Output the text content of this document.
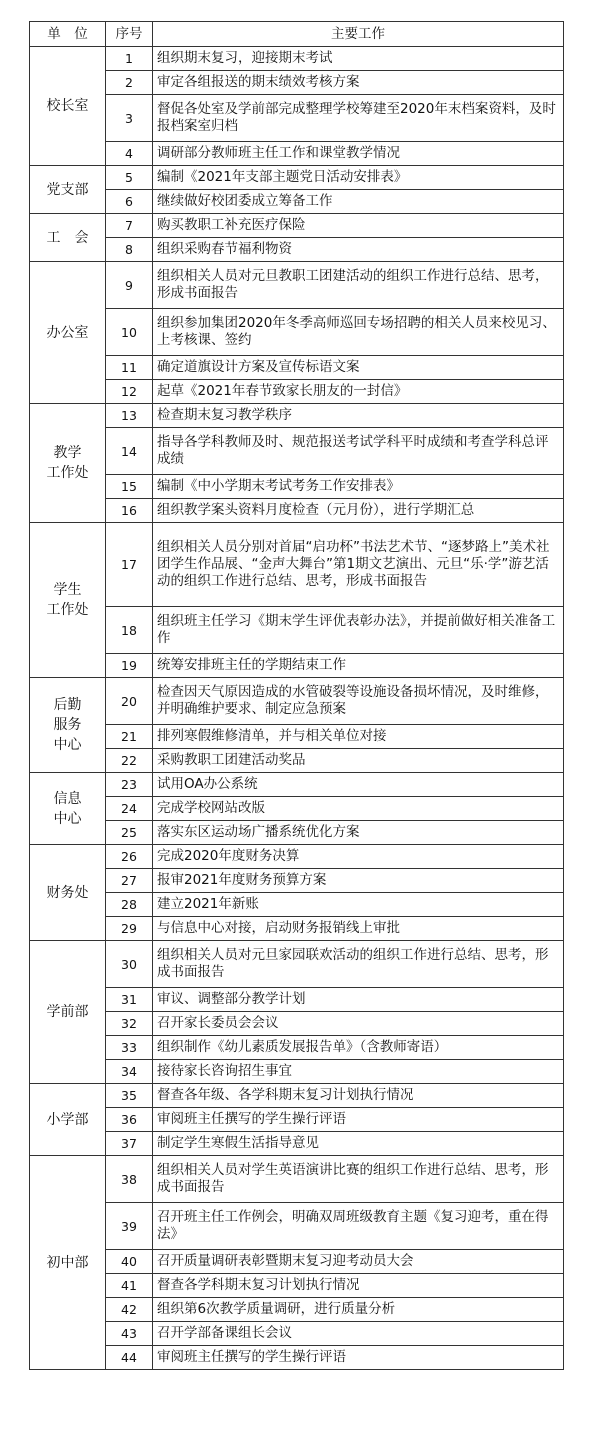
单　位	序号	主要工作
校长室	1	组织期末复习，迎接期末考试
	2	审定各组报送的期末绩效考核方案
	3	督促各处室及学前部完成整理学校筹建至2020年末档案资料，及时报档案室归档
	4	调研部分教师班主任工作和课堂教学情况
党支部	5	编制《2021年支部主题党日活动安排表》
	6	继续做好校团委成立筹备工作
工　会	7	购买教职工补充医疗保险
	8	组织采购春节福利物资
办公室	9	组织相关人员对元旦教职工团建活动的组织工作进行总结、思考，形成书面报告
	10	组织参加集团2020年冬季高师巡回专场招聘的相关人员来校见习、上考核课、签约
	11	确定道旗设计方案及宣传标语文案
	12	起草《2021年春节致家长朋友的一封信》
教学
工作处	13	检查期末复习教学秩序
	14	指导各学科教师及时、规范报送考试学科平时成绩和考查学科总评成绩
	15	编制《中小学期末考试考务工作安排表》
	16	组织教学案头资料月度检查（元月份），进行学期汇总
学生
工作处	17	组织相关人员分别对首届“启功杯”书法艺术节、“逐梦路上”美术社团学生作品展、“金声大舞台”第1期文艺演出、元旦“乐·学”游艺活动的组织工作进行总结、思考，形成书面报告
	18	组织班主任学习《期末学生评优表彰办法》，并提前做好相关准备工作
	19	统筹安排班主任的学期结束工作
后勤
服务
中心	20	检查因天气原因造成的水管破裂等设施设备损坏情况，及时维修，并明确维护要求、制定应急预案
	21	排列寒假维修清单，并与相关单位对接
	22	采购教职工团建活动奖品
信息
中心	23	试用OA办公系统
	24	完成学校网站改版
	25	落实东区运动场广播系统优化方案
财务处	26	完成2020年度财务决算
	27	报审2021年度财务预算方案
	28	建立2021年新账
	29	与信息中心对接，启动财务报销线上审批
学前部	30	组织相关人员对元旦家园联欢活动的组织工作进行总结、思考，形成书面报告
	31	审议、调整部分教学计划
	32	召开家长委员会会议
	33	组织制作《幼儿素质发展报告单》（含教师寄语）
	34	接待家长咨询招生事宜
小学部	35	督查各年级、各学科期末复习计划执行情况
	36	审阅班主任撰写的学生操行评语
	37	制定学生寒假生活指导意见
初中部	38	组织相关人员对学生英语演讲比赛的组织工作进行总结、思考，形成书面报告
	39	召开班主任工作例会，明确双周班级教育主题《复习迎考，重在得法》
	40	召开质量调研表彰暨期末复习迎考动员大会
	41	督查各学科期末复习计划执行情况
	42	组织第6次教学质量调研，进行质量分析
	43	召开学部备课组长会议
	44	审阅班主任撰写的学生操行评语
